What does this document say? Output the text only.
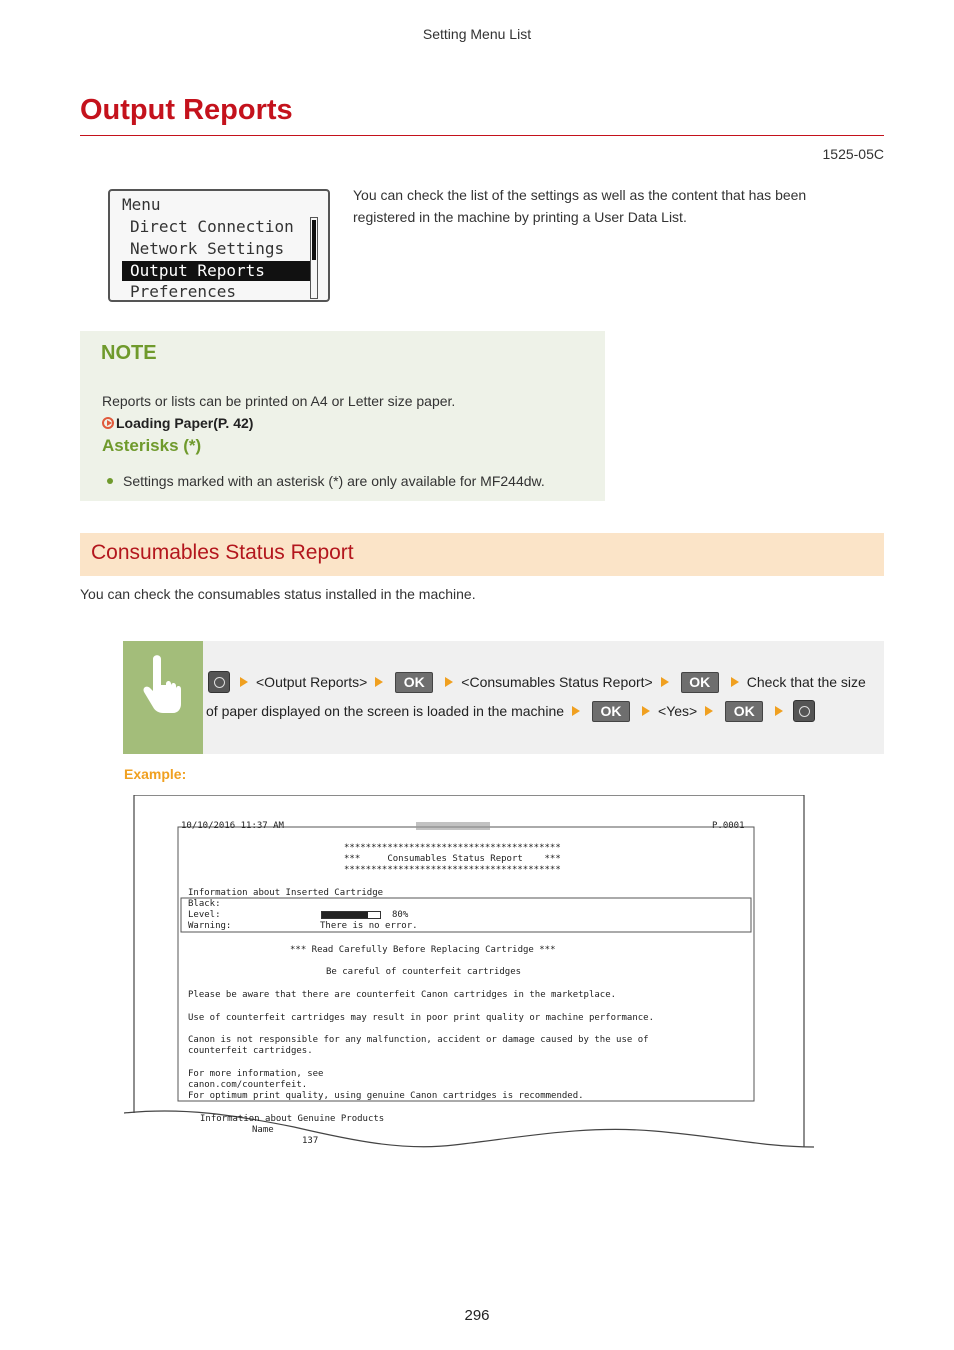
Setting Menu List
Output Reports
1525-05C
Menu
Direct Connection
Network Settings
Output Reports
Preferences
You can check the list of the settings as well as the content that has been registered in the machine by printing a User Data List.
NOTE
Reports or lists can be printed on A4 or Letter size paper.
Loading Paper(P. 42)
Asterisks (*)
Settings marked with an asterisk (*) are only available for MF244dw.
Consumables Status Report
You can check the consumables status installed in the machine.
<Output Reports>	OK	<Consumables Status Report>	OK	Check that the size
of paper displayed on the screen is loaded in the machine	OK	<Yes>	OK
Example:
10/10/2016 11:37 AM	P.0001
****************************************
***     Consumables Status Report    ***
****************************************
Information about Inserted Cartridge
Black:
Level:	80%
Warning:	There is no error.
*** Read Carefully Before Replacing Cartridge ***
Be careful of counterfeit cartridges
Please be aware that there are counterfeit Canon cartridges in the marketplace.
Use of counterfeit cartridges may result in poor print quality or machine performance.
Canon is not responsible for any malfunction, accident or damage caused by the use of
counterfeit cartridges.
For more information, see
canon.com/counterfeit.
For optimum print quality, using genuine Canon cartridges is recommended.
Information about Genuine Products
Name
137
296
